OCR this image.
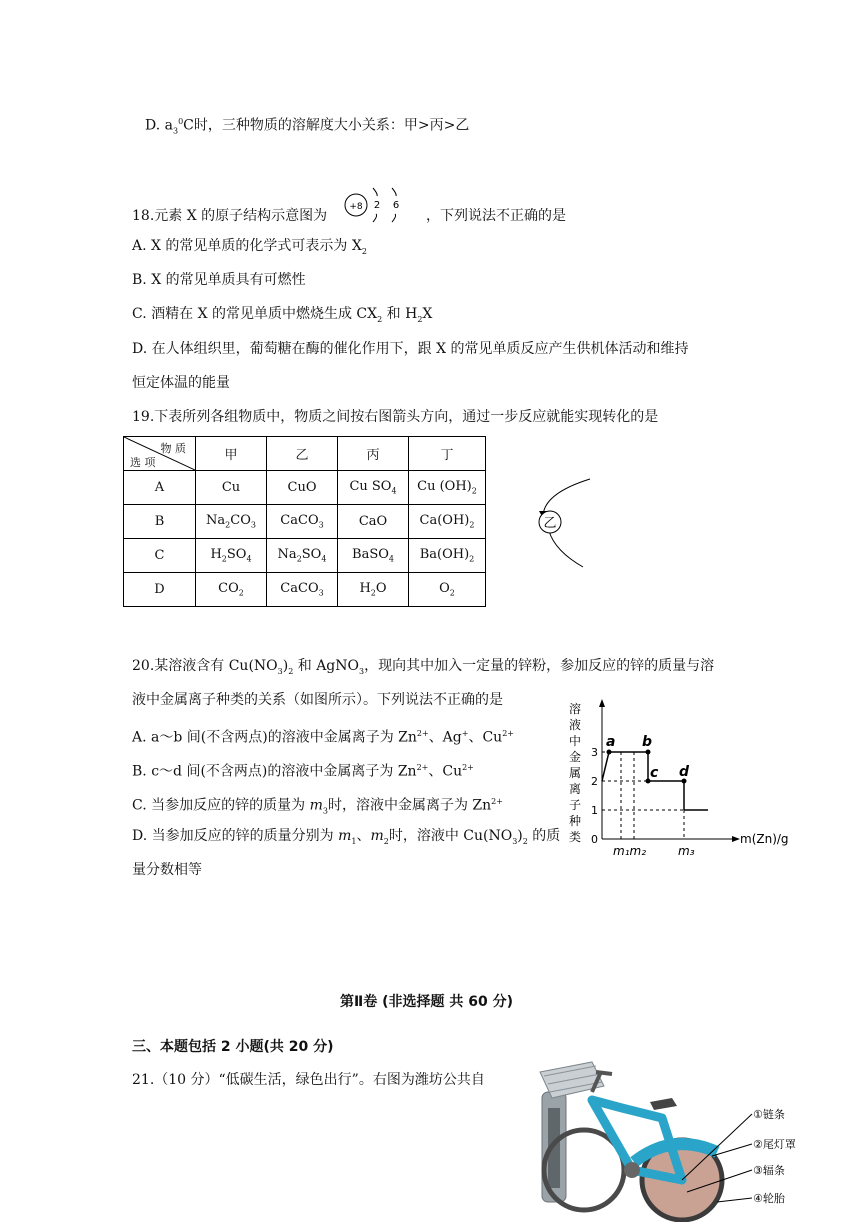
D. $a_3^0C$时，三种物质的溶解度大小关系：甲>丙>乙
18.元素 X 的原子结构示意图为	，下列说法不正确的是
+8 2 6
A. X 的常见单质的化学式可表示为 $X_2$
B. X 的常见单质具有可燃性
C. 酒精在 X 的常见单质中燃烧生成 $CX_2$ 和 $H_2X$
D. 在人体组织里，葡萄糖在酶的催化作用下，跟 X 的常见单质反应产生供机体活动和维持
恒定体温的能量
19.下表所列各组物质中，物质之间按右图箭头方向，通过一步反应就能实现转化的是
物 质
选 项	甲	乙	丙	丁
A	Cu	CuO	Cu $SO_4$	Cu $(OH)_2$
B	$Na_2CO_3$	CaCO$_3$	CaO	$Ca(OH)_2$
C	$H_2SO_4$	$Na_2SO_4$	BaSO$_4$	$Ba(OH)_2$
D	$CO_2$	CaCO$_3$	$H_2O$	$O_2$
乙
20.某溶液含有 $Cu(NO_3)_2$ 和 AgNO$_3$，现向其中加入一定量的锌粉，参加反应的锌的质量与溶
液中金属离子种类的关系（如图所示）。下列说法不正确的是
A. a～b 间(不含两点)的溶液中金属离子为 $Zn^{2+}$、Ag+、$Cu^{2+}$
B. c～d 间(不含两点)的溶液中金属离子为 $Zn^{2+}$、$Cu^{2+}$
C. 当参加反应的锌的质量为 $m_3$时，溶液中金属离子为 $Zn^{2+}$
D. 当参加反应的锌的质量分别为 $m_1$、$m_2$时，溶液中 $Cu(NO_3)_2$ 的质
量分数相等
溶
液
中
金
属
离
子
种
类
3
2
1
0
a b
c d
m₁m₂	m₃
m(Zn)/g
第Ⅱ卷 (非选择题 共 60 分)
三、本题包括 2 小题(共 20 分)
21.（10 分）“低碳生活，绿色出行”。右图为潍坊公共自
①链条
②尾灯罩
③辐条
④轮胎
